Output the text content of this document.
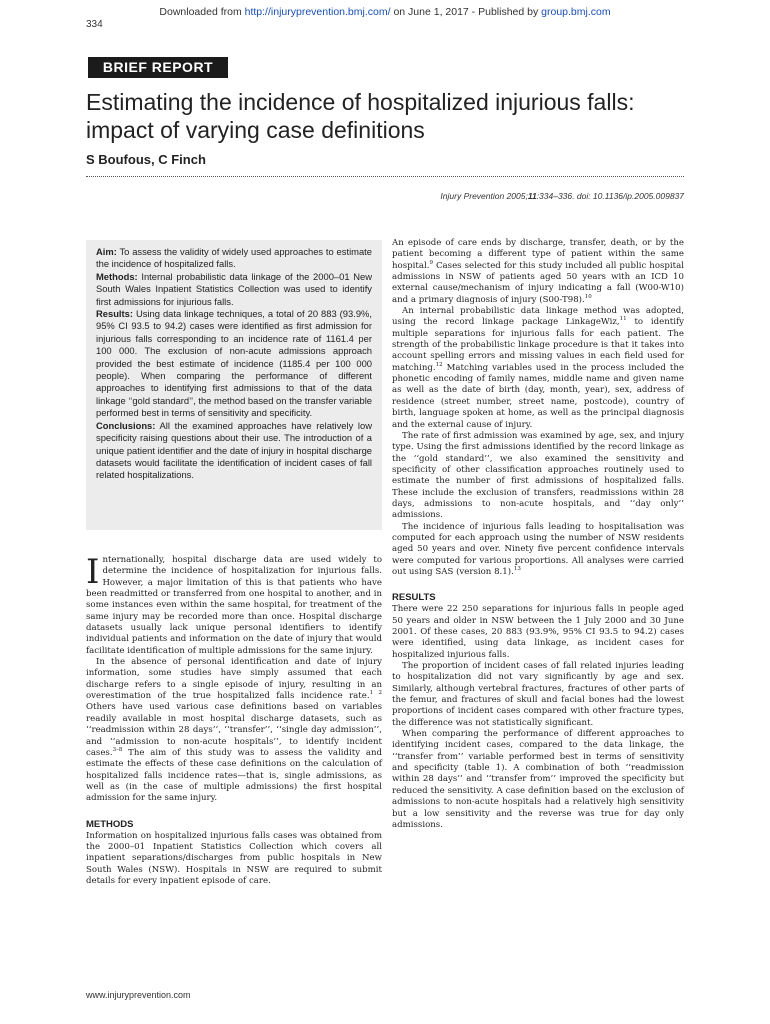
Downloaded from http://injuryprevention.bmj.com/ on June 1, 2017 - Published by group.bmj.com
334
BRIEF REPORT
Estimating the incidence of hospitalized injurious falls:
impact of varying case definitions
S Boufous, C Finch
Injury Prevention 2005;11:334–336. doi: 10.1136/ip.2005.009837

Aim: To assess the validity of widely used approaches to estimate the incidence of hospitalized falls.

Methods: Internal probabilistic data linkage of the 2000–01 New South Wales Inpatient Statistics Collection was used to identify first admissions for injurious falls.

Results: Using data linkage techniques, a total of 20 883 (93.9%, 95% CI 93.5 to 94.2) cases were identified as first admission for injurious falls corresponding to an incidence rate of 1161.4 per 100 000. The exclusion of non-acute admissions approach provided the best estimate of incidence (1185.4 per 100 000 people). When comparing the performance of different approaches to identifying first admissions to that of the data linkage ‘‘gold standard’’, the method based on the transfer variable performed best in terms of sensitivity and specificity.

Conclusions: All the examined approaches have relatively low specificity raising questions about their use. The introduction of a unique patient identifier and the date of injury in hospital discharge datasets would facilitate the identification of incident cases of fall related hospitalizations.

Internationally, hospital discharge data are used widely to determine the incidence of hospitalization for injurious falls. However, a major limitation of this is that patients who have been readmitted or transferred from one hospital to another, and in some instances even within the same hospital, for treatment of the same injury may be recorded more than once. Hospital discharge datasets usually lack unique personal identifiers to identify individual patients and information on the date of injury that would facilitate identification of multiple admissions for the same injury.

In the absence of personal identification and date of injury information, some studies have simply assumed that each discharge refers to a single episode of injury, resulting in an overestimation of the true hospitalized falls incidence rate.$^{1 2}$ Others have used various case definitions based on variables readily available in most hospital discharge datasets, such as ‘‘readmission within 28 days’’, ‘‘transfer’’, ‘‘single day admission’’, and ‘‘admission to non-acute hospitals’’, to identify incident cases.$^{3-8}$ The aim of this study was to assess the validity and estimate the effects of these case definitions on the calculation of hospitalized falls incidence rates—that is, single admissions, as well as (in the case of multiple admissions) the first hospital admission for the same injury.

METHODS

Information on hospitalized injurious falls cases was obtained from the 2000–01 Inpatient Statistics Collection which covers all inpatient separations/discharges from public hospitals in New South Wales (NSW). Hospitals in NSW are required to submit details for every inpatient episode of care.

An episode of care ends by discharge, transfer, death, or by the patient becoming a different type of patient within the same hospital.$^9$ Cases selected for this study included all public hospital admissions in NSW of patients aged 50 years with an ICD 10 external cause/mechanism of injury indicating a fall (W00-W10) and a primary diagnosis of injury (S00-T98).$^{10}$

An internal probabilistic data linkage method was adopted, using the record linkage package LinkageWiz,$^{11}$ to identify multiple separations for injurious falls for each patient. The strength of the probabilistic linkage procedure is that it takes into account spelling errors and missing values in each field used for matching.$^{12}$ Matching variables used in the process included the phonetic encoding of family names, middle name and given name as well as the date of birth (day, month, year), sex, address of residence (street number, street name, postcode), country of birth, language spoken at home, as well as the principal diagnosis and the external cause of injury.

The rate of first admission was examined by age, sex, and injury type. Using the first admissions identified by the record linkage as the ‘‘gold standard’’, we also examined the sensitivity and specificity of other classification approaches routinely used to estimate the number of first admissions of hospitalized falls. These include the exclusion of transfers, readmissions within 28 days, admissions to non-acute hospitals, and ‘‘day only’’ admissions.

The incidence of injurious falls leading to hospitalisation was computed for each approach using the number of NSW residents aged 50 years and over. Ninety five percent confidence intervals were computed for various proportions. All analyses were carried out using SAS (version 8.1).$^{13}$

RESULTS

There were 22 250 separations for injurious falls in people aged 50 years and older in NSW between the 1 July 2000 and 30 June 2001. Of these cases, 20 883 (93.9%, 95% CI 93.5 to 94.2) cases were identified, using data linkage, as incident cases for hospitalized injurious falls.

The proportion of incident cases of fall related injuries leading to hospitalization did not vary significantly by age and sex. Similarly, although vertebral fractures, fractures of other parts of the femur, and fractures of skull and facial bones had the lowest proportions of incident cases compared with other fracture types, the difference was not statistically significant.

When comparing the performance of different approaches to identifying incident cases, compared to the data linkage, the ‘‘transfer from’’ variable performed best in terms of sensitivity and specificity (table 1). A combination of both ‘‘readmission within 28 days’’ and ‘‘transfer from’’ improved the specificity but reduced the sensitivity. A case definition based on the exclusion of admissions to non-acute hospitals had a relatively high sensitivity but a low sensitivity and the reverse was true for day only admissions.

www.injuryprevention.com
